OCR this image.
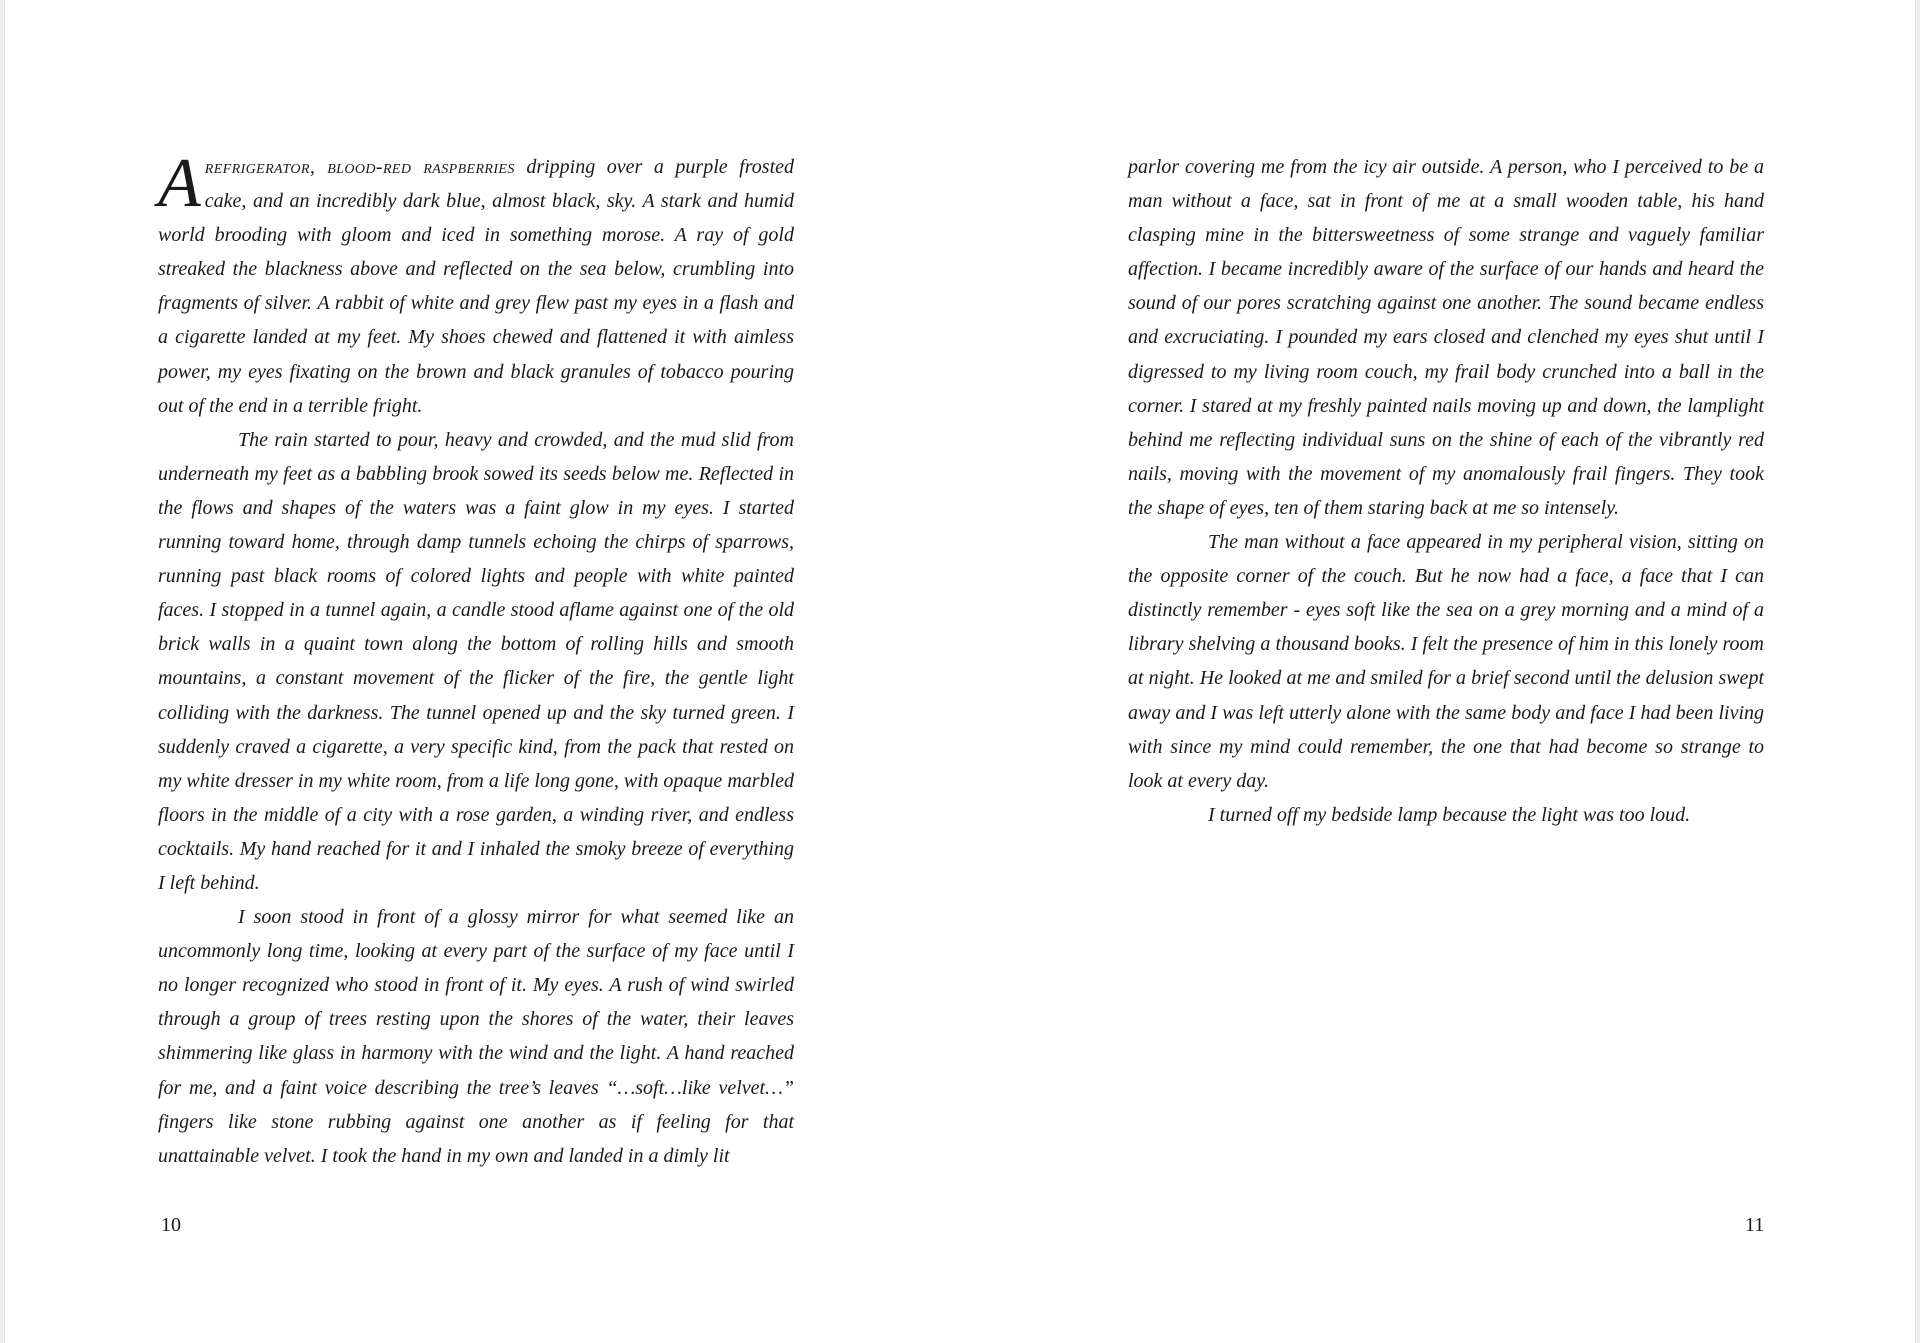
A refrigerator, blood-red raspberries dripping over a purple frosted cake, and an incredibly dark blue, almost black, sky. A stark and humid world brooding with gloom and iced in something morose. A ray of gold streaked the blackness above and reflected on the sea below, crumbling into fragments of silver. A rabbit of white and grey flew past my eyes in a flash and a cigarette landed at my feet. My shoes chewed and flattened it with aimless power, my eyes fixating on the brown and black granules of tobacco pouring out of the end in a terrible fright.

The rain started to pour, heavy and crowded, and the mud slid from underneath my feet as a babbling brook sowed its seeds below me. Reflected in the flows and shapes of the waters was a faint glow in my eyes. I started running toward home, through damp tunnels echoing the chirps of sparrows, running past black rooms of colored lights and people with white painted faces. I stopped in a tunnel again, a candle stood aflame against one of the old brick walls in a quaint town along the bottom of rolling hills and smooth mountains, a constant movement of the flicker of the fire, the gentle light colliding with the darkness. The tunnel opened up and the sky turned green. I suddenly craved a cigarette, a very specific kind, from the pack that rested on my white dresser in my white room, from a life long gone, with opaque marbled floors in the middle of a city with a rose garden, a winding river, and endless cocktails. My hand reached for it and I inhaled the smoky breeze of everything I left behind.

I soon stood in front of a glossy mirror for what seemed like an uncommonly long time, looking at every part of the surface of my face until I no longer recognized who stood in front of it. My eyes. A rush of wind swirled through a group of trees resting upon the shores of the water, their leaves shimmering like glass in harmony with the wind and the light. A hand reached for me, and a faint voice describing the tree’s leaves “…soft…like velvet…” fingers like stone rubbing against one another as if feeling for that unattainable velvet. I took the hand in my own and landed in a dimly lit

10

parlor covering me from the icy air outside. A person, who I perceived to be a man without a face, sat in front of me at a small wooden table, his hand clasping mine in the bittersweetness of some strange and vaguely familiar affection. I became incredibly aware of the surface of our hands and heard the sound of our pores scratching against one another. The sound became endless and excruciating. I pounded my ears closed and clenched my eyes shut until I digressed to my living room couch, my frail body crunched into a ball in the corner. I stared at my freshly painted nails moving up and down, the lamplight behind me reflecting individual suns on the shine of each of the vibrantly red nails, moving with the movement of my anomalously frail fingers. They took the shape of eyes, ten of them staring back at me so intensely.

The man without a face appeared in my peripheral vision, sitting on the opposite corner of the couch. But he now had a face, a face that I can distinctly remember - eyes soft like the sea on a grey morning and a mind of a library shelving a thousand books. I felt the presence of him in this lonely room at night. He looked at me and smiled for a brief second until the delusion swept away and I was left utterly alone with the same body and face I had been living with since my mind could remember, the one that had become so strange to look at every day.

I turned off my bedside lamp because the light was too loud.

11
